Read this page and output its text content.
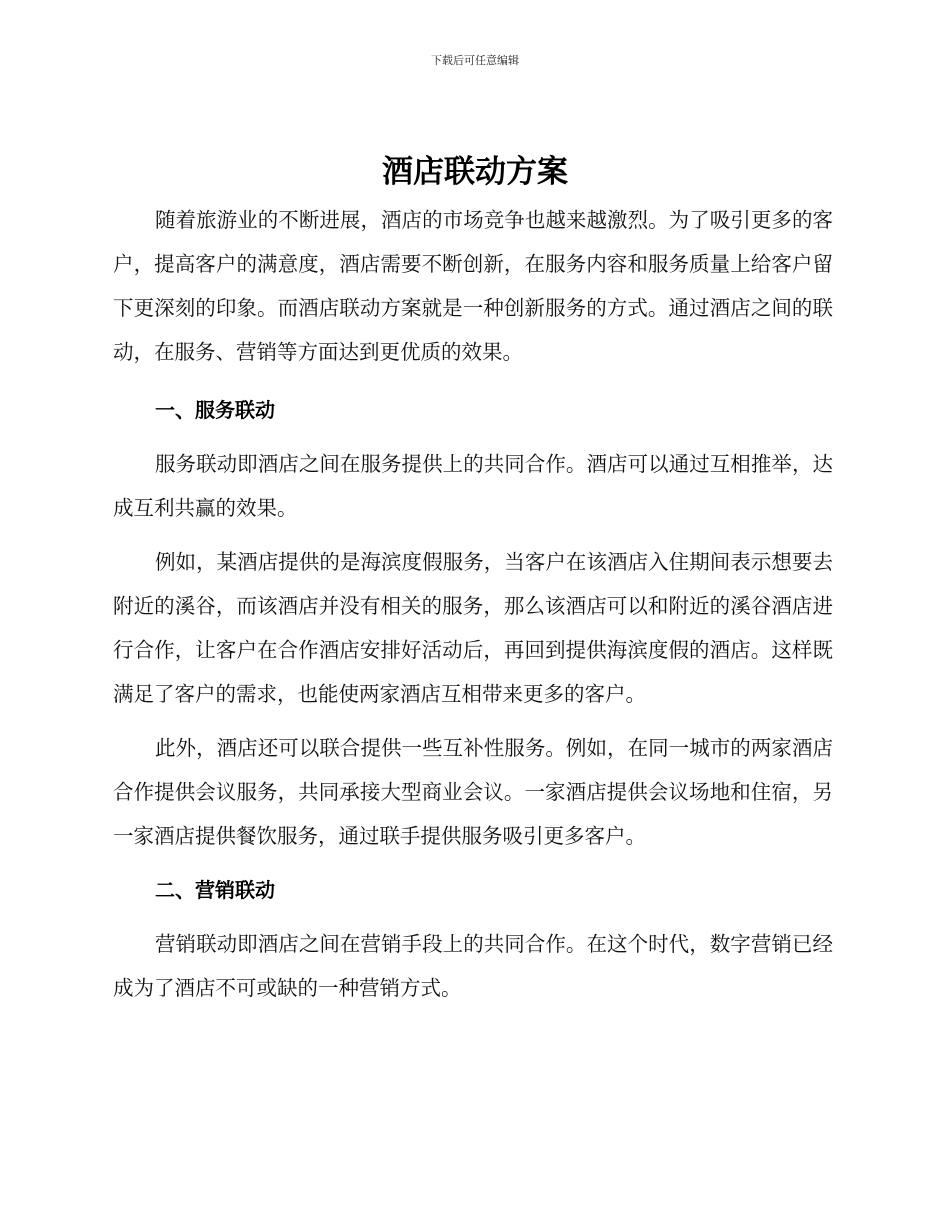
下载后可任意编辑
酒店联动方案

随着旅游业的不断进展，酒店的市场竞争也越来越激烈。为了吸引更多的客户，提高客户的满意度，酒店需要不断创新，在服务内容和服务质量上给客户留下更深刻的印象。而酒店联动方案就是一种创新服务的方式。通过酒店之间的联动，在服务、营销等方面达到更优质的效果。

一、服务联动

服务联动即酒店之间在服务提供上的共同合作。酒店可以通过互相推举，达成互利共赢的效果。

例如，某酒店提供的是海滨度假服务，当客户在该酒店入住期间表示想要去附近的溪谷，而该酒店并没有相关的服务，那么该酒店可以和附近的溪谷酒店进行合作，让客户在合作酒店安排好活动后，再回到提供海滨度假的酒店。这样既满足了客户的需求，也能使两家酒店互相带来更多的客户。

此外，酒店还可以联合提供一些互补性服务。例如，在同一城市的两家酒店合作提供会议服务，共同承接大型商业会议。一家酒店提供会议场地和住宿，另一家酒店提供餐饮服务，通过联手提供服务吸引更多客户。

二、营销联动

营销联动即酒店之间在营销手段上的共同合作。在这个时代，数字营销已经成为了酒店不可或缺的一种营销方式。
